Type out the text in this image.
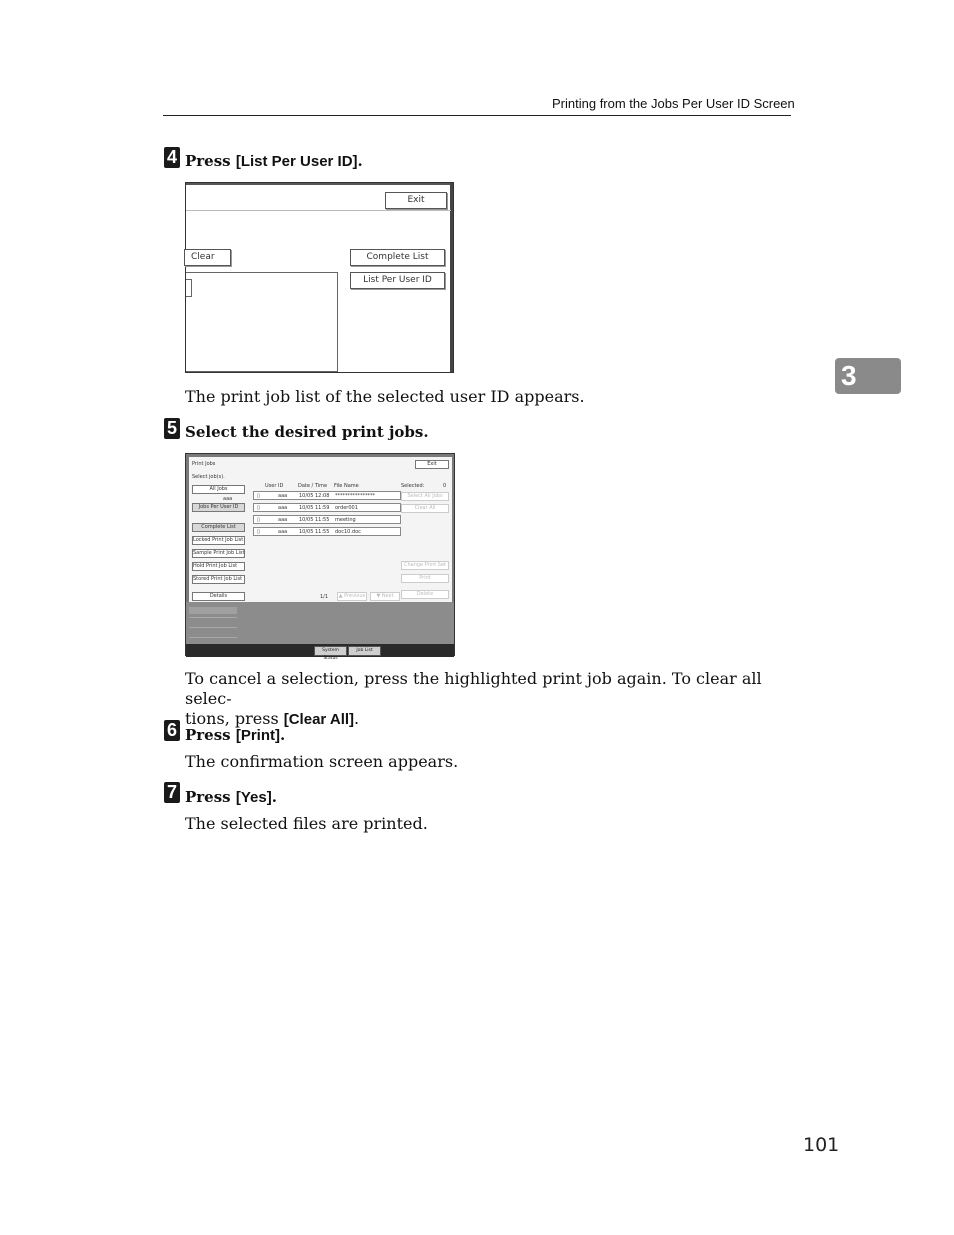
Printing from the Jobs Per User ID Screen
3
4 Press [List Per User ID].
Exit
Clear	Complete List
List Per User ID
The print job list of the selected user ID appears.
5 Select the desired print jobs.
Print Jobs	Exit
Select job(s).
All Jobs
aaa
Jobs Per User ID
Complete List
Locked Print Job List
Sample Print Job List
Hold Print Job List
Stored Print Job List
Details
User ID	Date / Time File Name
▯	aaa 10/05 12:08 ****************
▯	aaa 10/05 11:59 order001
▯	aaa 10/05 11:55 meeting
▯	aaa 10/05 11:55 doc10.doc
1/1	▲ Previous	▼ Next
Selected:	0
Select All Jobs
Clear All
Change Print Set
Print
Delete
System Status
Job List
To cancel a selection, press the highlighted print job again. To clear all selec-
tions, press [Clear All].
6 Press [Print].
The confirmation screen appears.
7 Press [Yes].
The selected files are printed.
101
